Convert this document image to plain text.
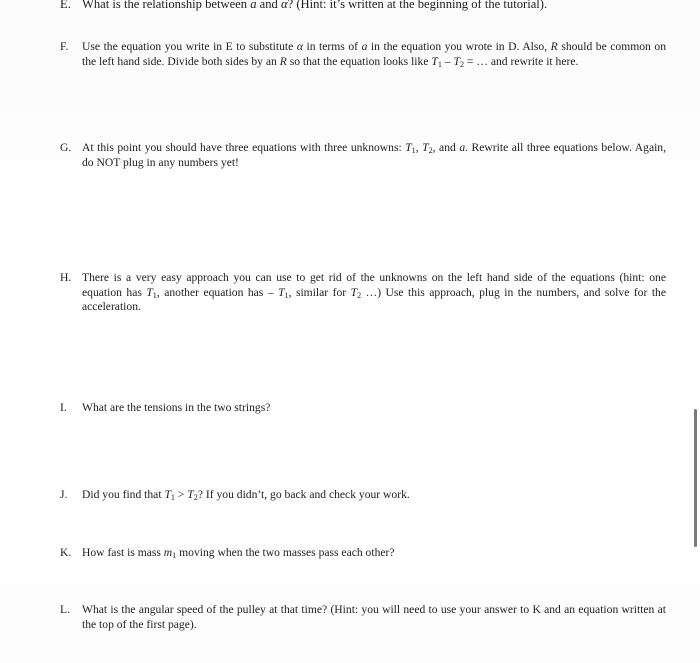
E. What is the relationship between a and α? (Hint: it’s written at the beginning of the tutorial).
F.	Use the equation you write in E to substitute α in terms of a in the equation you wrote in D. Also, R should be common on the left hand side. Divide both sides by an R so that the equation looks like $T_1 - T_2$ = … and rewrite it here.
G. At this point you should have three equations with three unknowns: $T_1$, $T_2$, and a. Rewrite all three equations below. Again, do NOT plug in any numbers yet!
H. There is a very easy approach you can use to get rid of the unknowns on the left hand side of the equations (hint: one equation has $T_1$, another equation has – $T_1$, similar for $T_2$ …) Use this approach, plug in the numbers, and solve for the acceleration.
I.	What are the tensions in the two strings?
J.	Did you find that $T_1 > T_2$? If you didn’t, go back and check your work.
K. How fast is mass $m_1$ moving when the two masses pass each other?
L.	What is the angular speed of the pulley at that time? (Hint: you will need to use your answer to K and an equation written at the top of the first page).
